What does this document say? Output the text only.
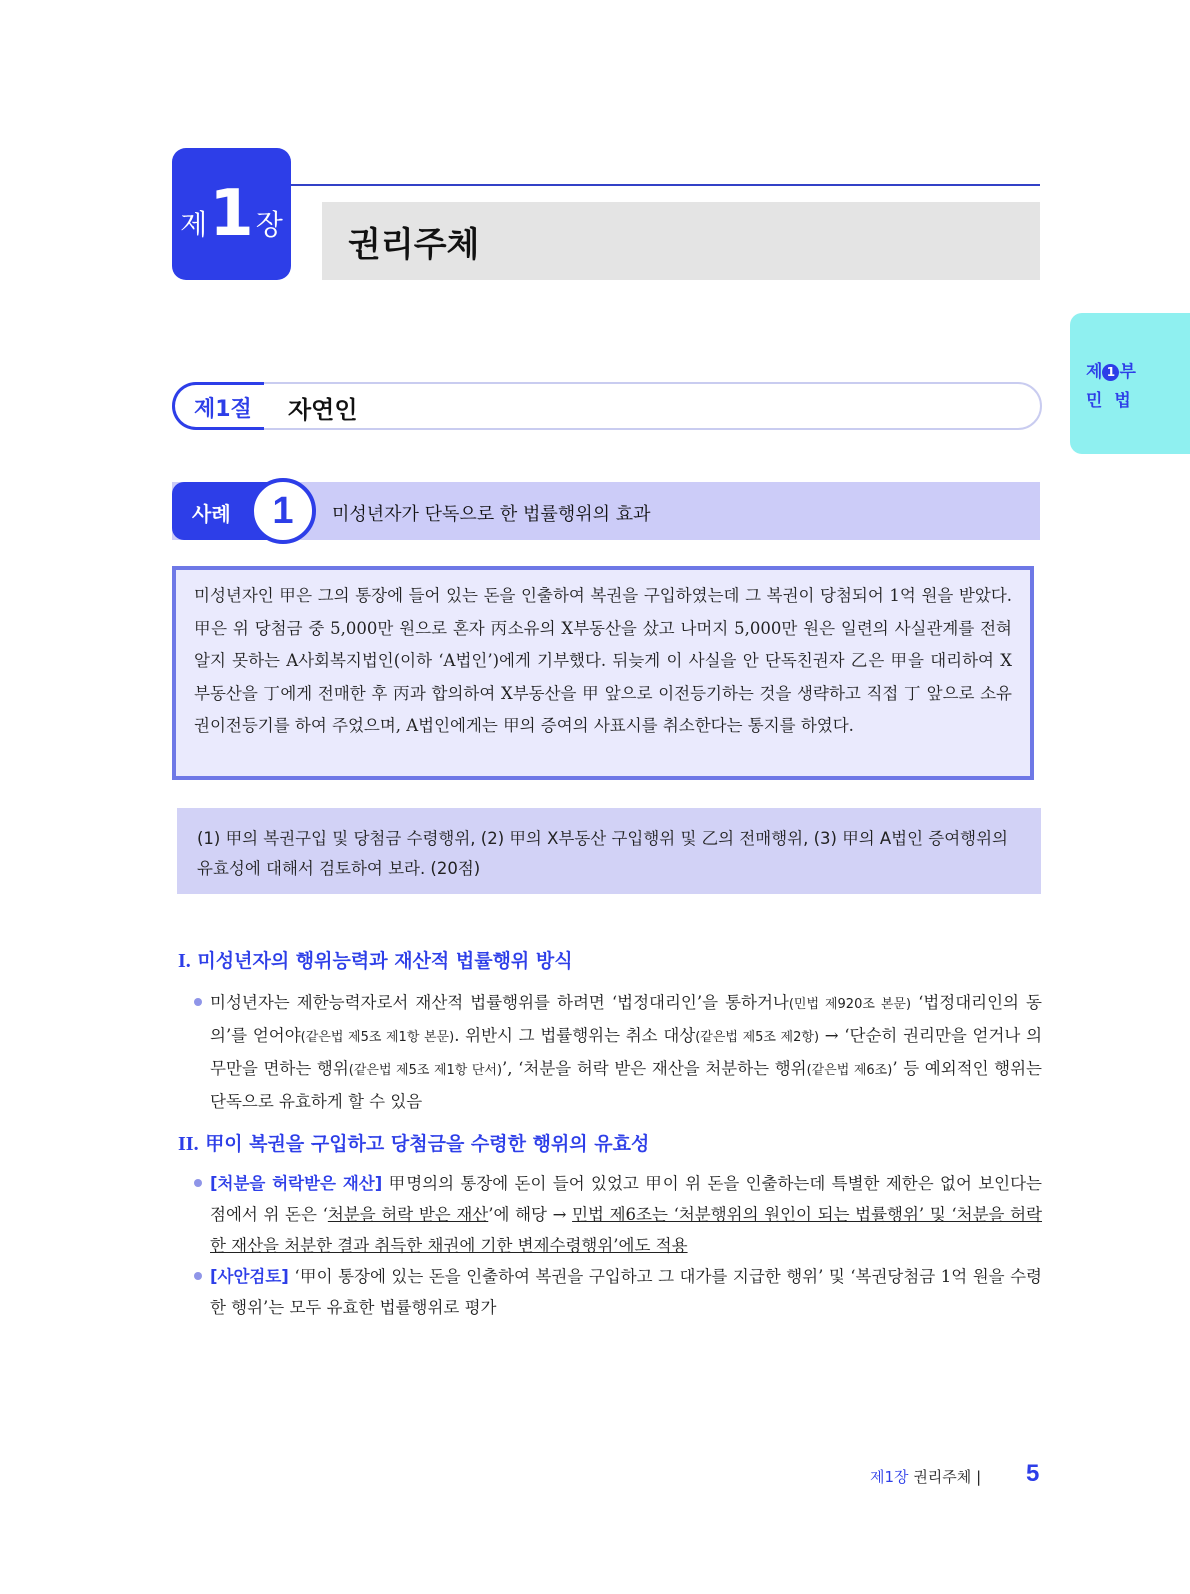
제 1 장 권리주체
제 1 부
민법
제1절 자연인
사례	1	미성년자가 단독으로 한 법률행위의 효과

미성년자인 甲은 그의 통장에 들어 있는 돈을 인출하여 복권을 구입하였는데 그 복권이 당첨되어 1억 원을 받았다. 甲은 위 당첨금 중 5,000만 원으로 혼자 丙소유의 X부동산을 샀고 나머지 5,000만 원은 일련의 사실관계를 전혀 알지 못하는 A사회복지법인(이하 ‘A법인’)에게 기부했다. 뒤늦게 이 사실을 안 단독친권자 乙은 甲을 대리하여 X부동산을 丁에게 전매한 후 丙과 합의하여 X부동산을 甲 앞으로 이전등기하는 것을 생략하고 직접 丁 앞으로 소유권이전등기를 하여 주었으며, A법인에게는 甲의 증여의 사표시를 취소한다는 통지를 하였다.

(1) 甲의 복권구입 및 당첨금 수령행위, (2) 甲의 X부동산 구입행위 및 乙의 전매행위, (3) 甲의 A법인 증여행위의 유효성에 대해서 검토하여 보라. (20점)

I. 미성년자의 행위능력과 재산적 법률행위 방식

미성년자는 제한능력자로서 재산적 법률행위를 하려면 ‘법정대리인’을 통하거나(민법 제920조 본문) ‘법정대리인의 동의’를 얻어야(같은법 제5조 제1항 본문). 위반시 그 법률행위는 취소 대상(같은법 제5조 제2항) → ‘단순히 권리만을 얻거나 의무만을 면하는 행위(같은법 제5조 제1항 단서)’, ‘처분을 허락 받은 재산을 처분하는 행위(같은법 제6조)’ 등 예외적인 행위는 단독으로 유효하게 할 수 있음

II. 甲이 복권을 구입하고 당첨금을 수령한 행위의 유효성

[처분을 허락받은 재산] 甲명의의 통장에 돈이 들어 있었고 甲이 위 돈을 인출하는데 특별한 제한은 없어 보인다는 점에서 위 돈은 ‘처분을 허락 받은 재산’에 해당 → 민법 제6조는 ‘처분행위의 원인이 되는 법률행위’ 및 ‘처분을 허락한 재산을 처분한 결과 취득한 채권에 기한 변제수령행위’에도 적용

[사안검토] ‘甲이 통장에 있는 돈을 인출하여 복권을 구입하고 그 대가를 지급한 행위’ 및 ‘복권당첨금 1억 원을 수령한 행위’는 모두 유효한 법률행위로 평가

제1장 권리주체 | 5
